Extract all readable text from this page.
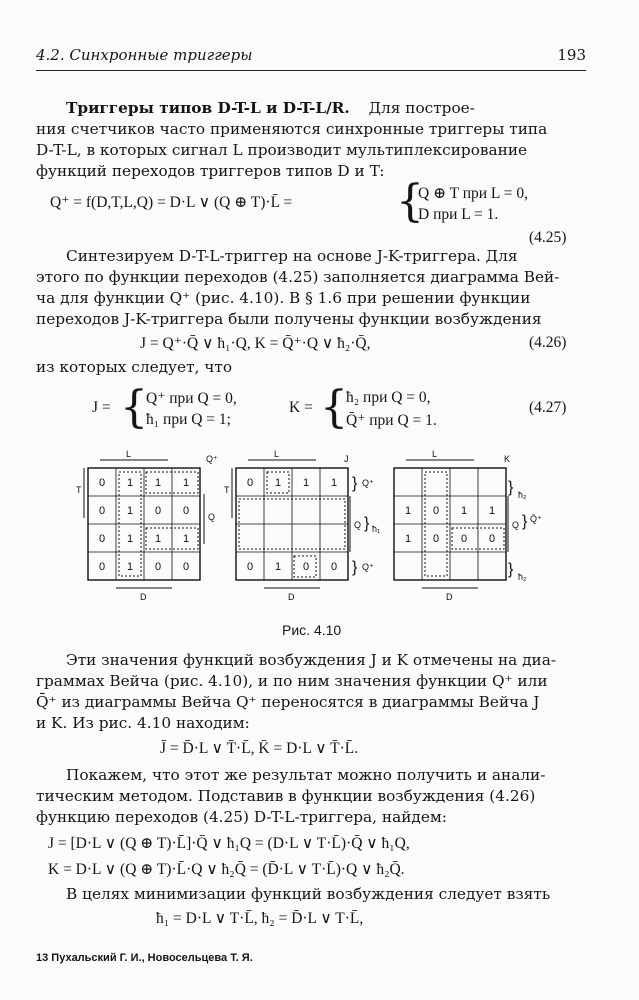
4.2. Синхронные триггеры	193
Триггеры типов D-T-L и D-T-L/R. Для построе-
ния счетчиков часто применяются синхронные триггеры типа
D-T-L, в которых сигнал L производит мультиплексирование
функций переходов триггеров типов D и T:
Q⁺ = f(D,T,L,Q) = D·L ∨ (Q ⊕ T)·L̄ = {
Q ⊕ T при L = 0,
D при L = 1.
(4.25)
Синтезируем D-T-L-триггер на основе J-K-триггера. Для
этого по функции переходов (4.25) заполняется диаграмма Вей-
ча для функции Q⁺ (рис. 4.10). В § 1.6 при решении функции
переходов J-K-триггера были получены функции возбуждения
J = Q⁺·Q̄ ∨ ħ₁·Q, K = Q̄⁺·Q ∨ ħ₂·Q̄,	(4.26)
из которых следует, что
J = {
Q⁺ при Q = 0,
ħ₁ при Q = 1;
K = {
ħ₂ при Q = 0,
Q̄⁺ при Q = 1.
(4.27)
L	Q⁺
T
Q
0 1 1 1
0 1 0 0
0 1 1 1
0 1 0 0
D
L	J
T
0 1 1 1
0 1 0 0
} Q⁺
} Q⁺
Q } ħ₁
D
L	K
1 0 1 1
1 0 0 0
} ħ₂
Q } Q̄⁺
} ħ₂
D
Рис. 4.10
Эти значения функций возбуждения J и K отмечены на диа-
граммах Вейча (рис. 4.10), и по ним значения функции Q⁺ или
Q̄⁺ из диаграммы Вейча Q⁺ переносятся в диаграммы Вейча J
и K. Из рис. 4.10 находим:
J̄ = D̄·L ∨ T̄·L̄, K̄ = D·L ∨ T̄·L̄.
Покажем, что этот же результат можно получить и анали-
тическим методом. Подставив в функции возбуждения (4.26)
функцию переходов (4.25) D-T-L-триггера, найдем:
J = [D·L ∨ (Q ⊕ T)·L̄]·Q̄ ∨ ħ₁Q = (D·L ∨ T·L̄)·Q̄ ∨ ħ₁Q,
K = D·L ∨ (Q ⊕ T)·L̄·Q ∨ ħ₂Q̄ = (D̄·L ∨ T·L̄)·Q ∨ ħ₂Q̄.
В целях минимизации функций возбуждения следует взять
ħ₁ = D·L ∨ T·L̄, ħ₂ = D̄·L ∨ T·L̄,
13 Пухальский Г. И., Новосельцева Т. Я.
